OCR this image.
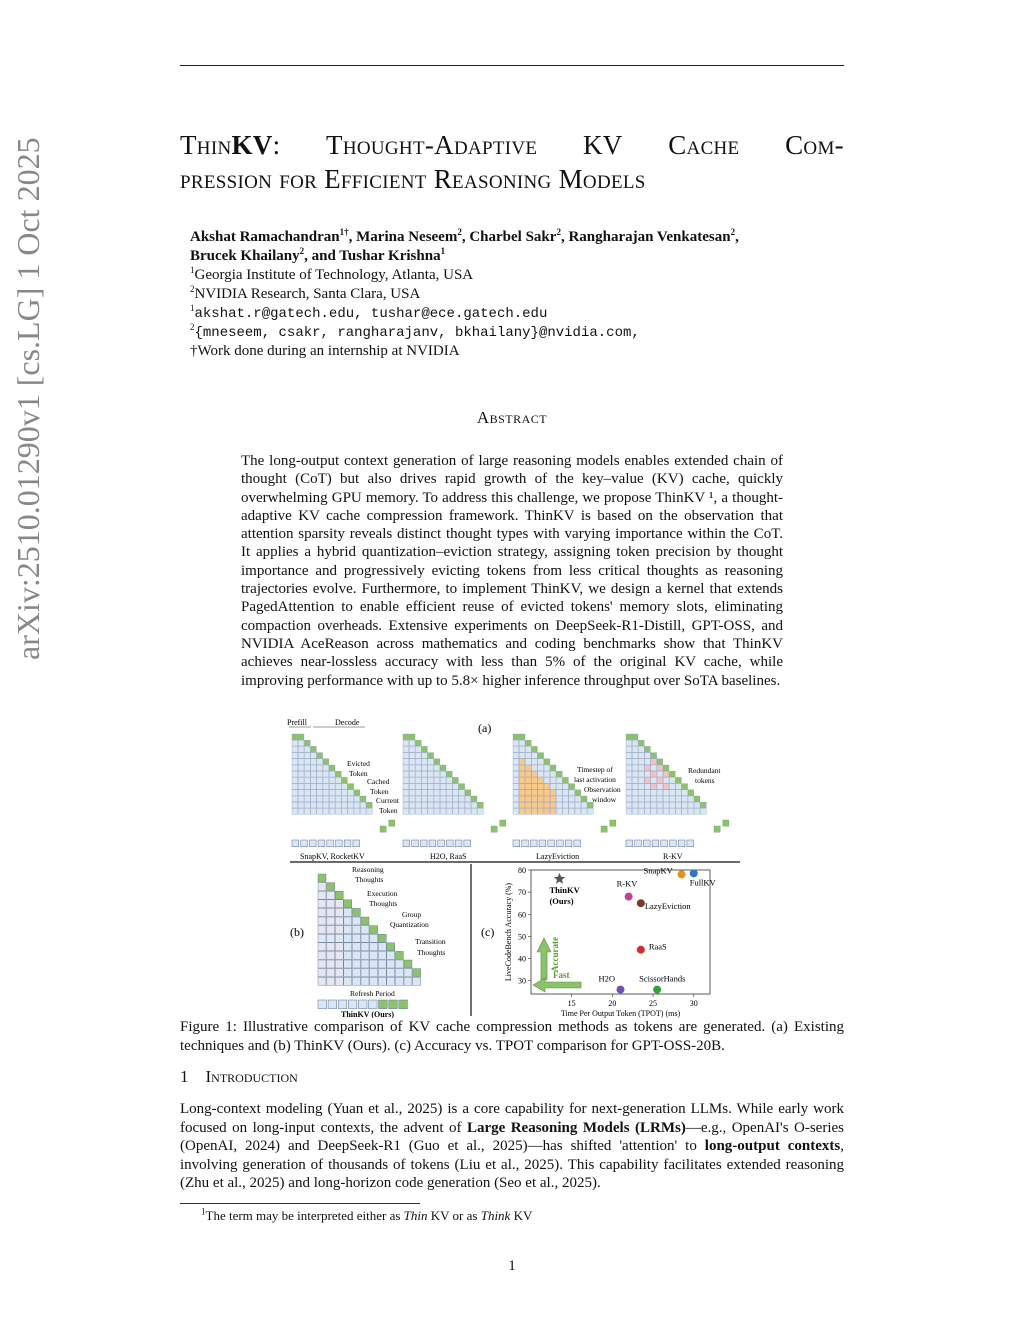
arXiv:2510.01290v1 [cs.LG] 1 Oct 2025	ThinKV: Thought-Adaptive KV Cache Com-
pression for Efficient Reasoning Models
Akshat Ramachandran$^{1\dagger}$, Marina Neseem$^2$, Charbel Sakr$^2$, Rangharajan Venkatesan$^2$,
Brucek Khailany$^2$, and Tushar Krishna$^1$
$^1$Georgia Institute of Technology, Atlanta, USA
$^2$NVIDIA Research, Santa Clara, USA
$^1$akshat.r@gatech.edu, tushar@ece.gatech.edu
$^2${mneseem, csakr, rangharajanv, bkhailany}@nvidia.com,
†Work done during an internship at NVIDIA
Abstract
The long-output context generation of large reasoning models enables extended chain of thought (CoT) but also drives rapid growth of the key–value (KV) cache, quickly overwhelming GPU memory. To address this challenge, we propose ThinKV ¹, a thought-adaptive KV cache compression framework. ThinKV is based on the observation that attention sparsity reveals distinct thought types with varying importance within the CoT. It applies a hybrid quantization–eviction strategy, assigning token precision by thought importance and progressively evicting tokens from less critical thoughts as reasoning trajectories evolve. Furthermore, to implement ThinKV, we design a kernel that extends PagedAttention to enable efficient reuse of evicted tokens' memory slots, eliminating compaction overheads. Extensive experiments on DeepSeek-R1-Distill, GPT-OSS, and NVIDIA AceReason across mathematics and coding benchmarks show that ThinKV achieves near-lossless accuracy with less than 5% of the original KV cache, while improving performance with up to 5.8× higher inference throughput over SoTA baselines.
(a)
Prefill	Decode
Evicted
Token
Cached
Token
Current
Token
Timestep of
last activation
Observation
window
Redundant
tokens
SnapKV, RocketKV	H2O, RaaS	LazyEviction	R-KV
(b)
Reasoning
Thoughts
Execution
Thoughts
Group
Quantization
Transition
Thoughts
Refresh Period
ThinKV (Ours)
(c)
15	20	25	30
30
40
50
60
70
80
Time Per Output Token (TPOT) (ms)
LiveCodeBench Accuracy (%)	Accurate
Fast
ThinKV
(Ours)
R-KV
SnapKV
FullKV
LazyEviction
RaaS
H2O	ScissorHands
Figure 1: Illustrative comparison of KV cache compression methods as tokens are generated. (a) Existing techniques and (b) ThinKV (Ours). (c) Accuracy vs. TPOT comparison for GPT-OSS-20B.
1 Introduction
Long-context modeling (Yuan et al., 2025) is a core capability for next-generation LLMs. While early work focused on long-input contexts, the advent of Large Reasoning Models (LRMs)—e.g., OpenAI's O-series (OpenAI, 2024) and DeepSeek-R1 (Guo et al., 2025)—has shifted 'attention' to long-output contexts, involving generation of thousands of tokens (Liu et al., 2025). This capability facilitates extended reasoning (Zhu et al., 2025) and long-horizon code generation (Seo et al., 2025).
$^1$The term may be interpreted either as Thin KV or as Think KV
1
